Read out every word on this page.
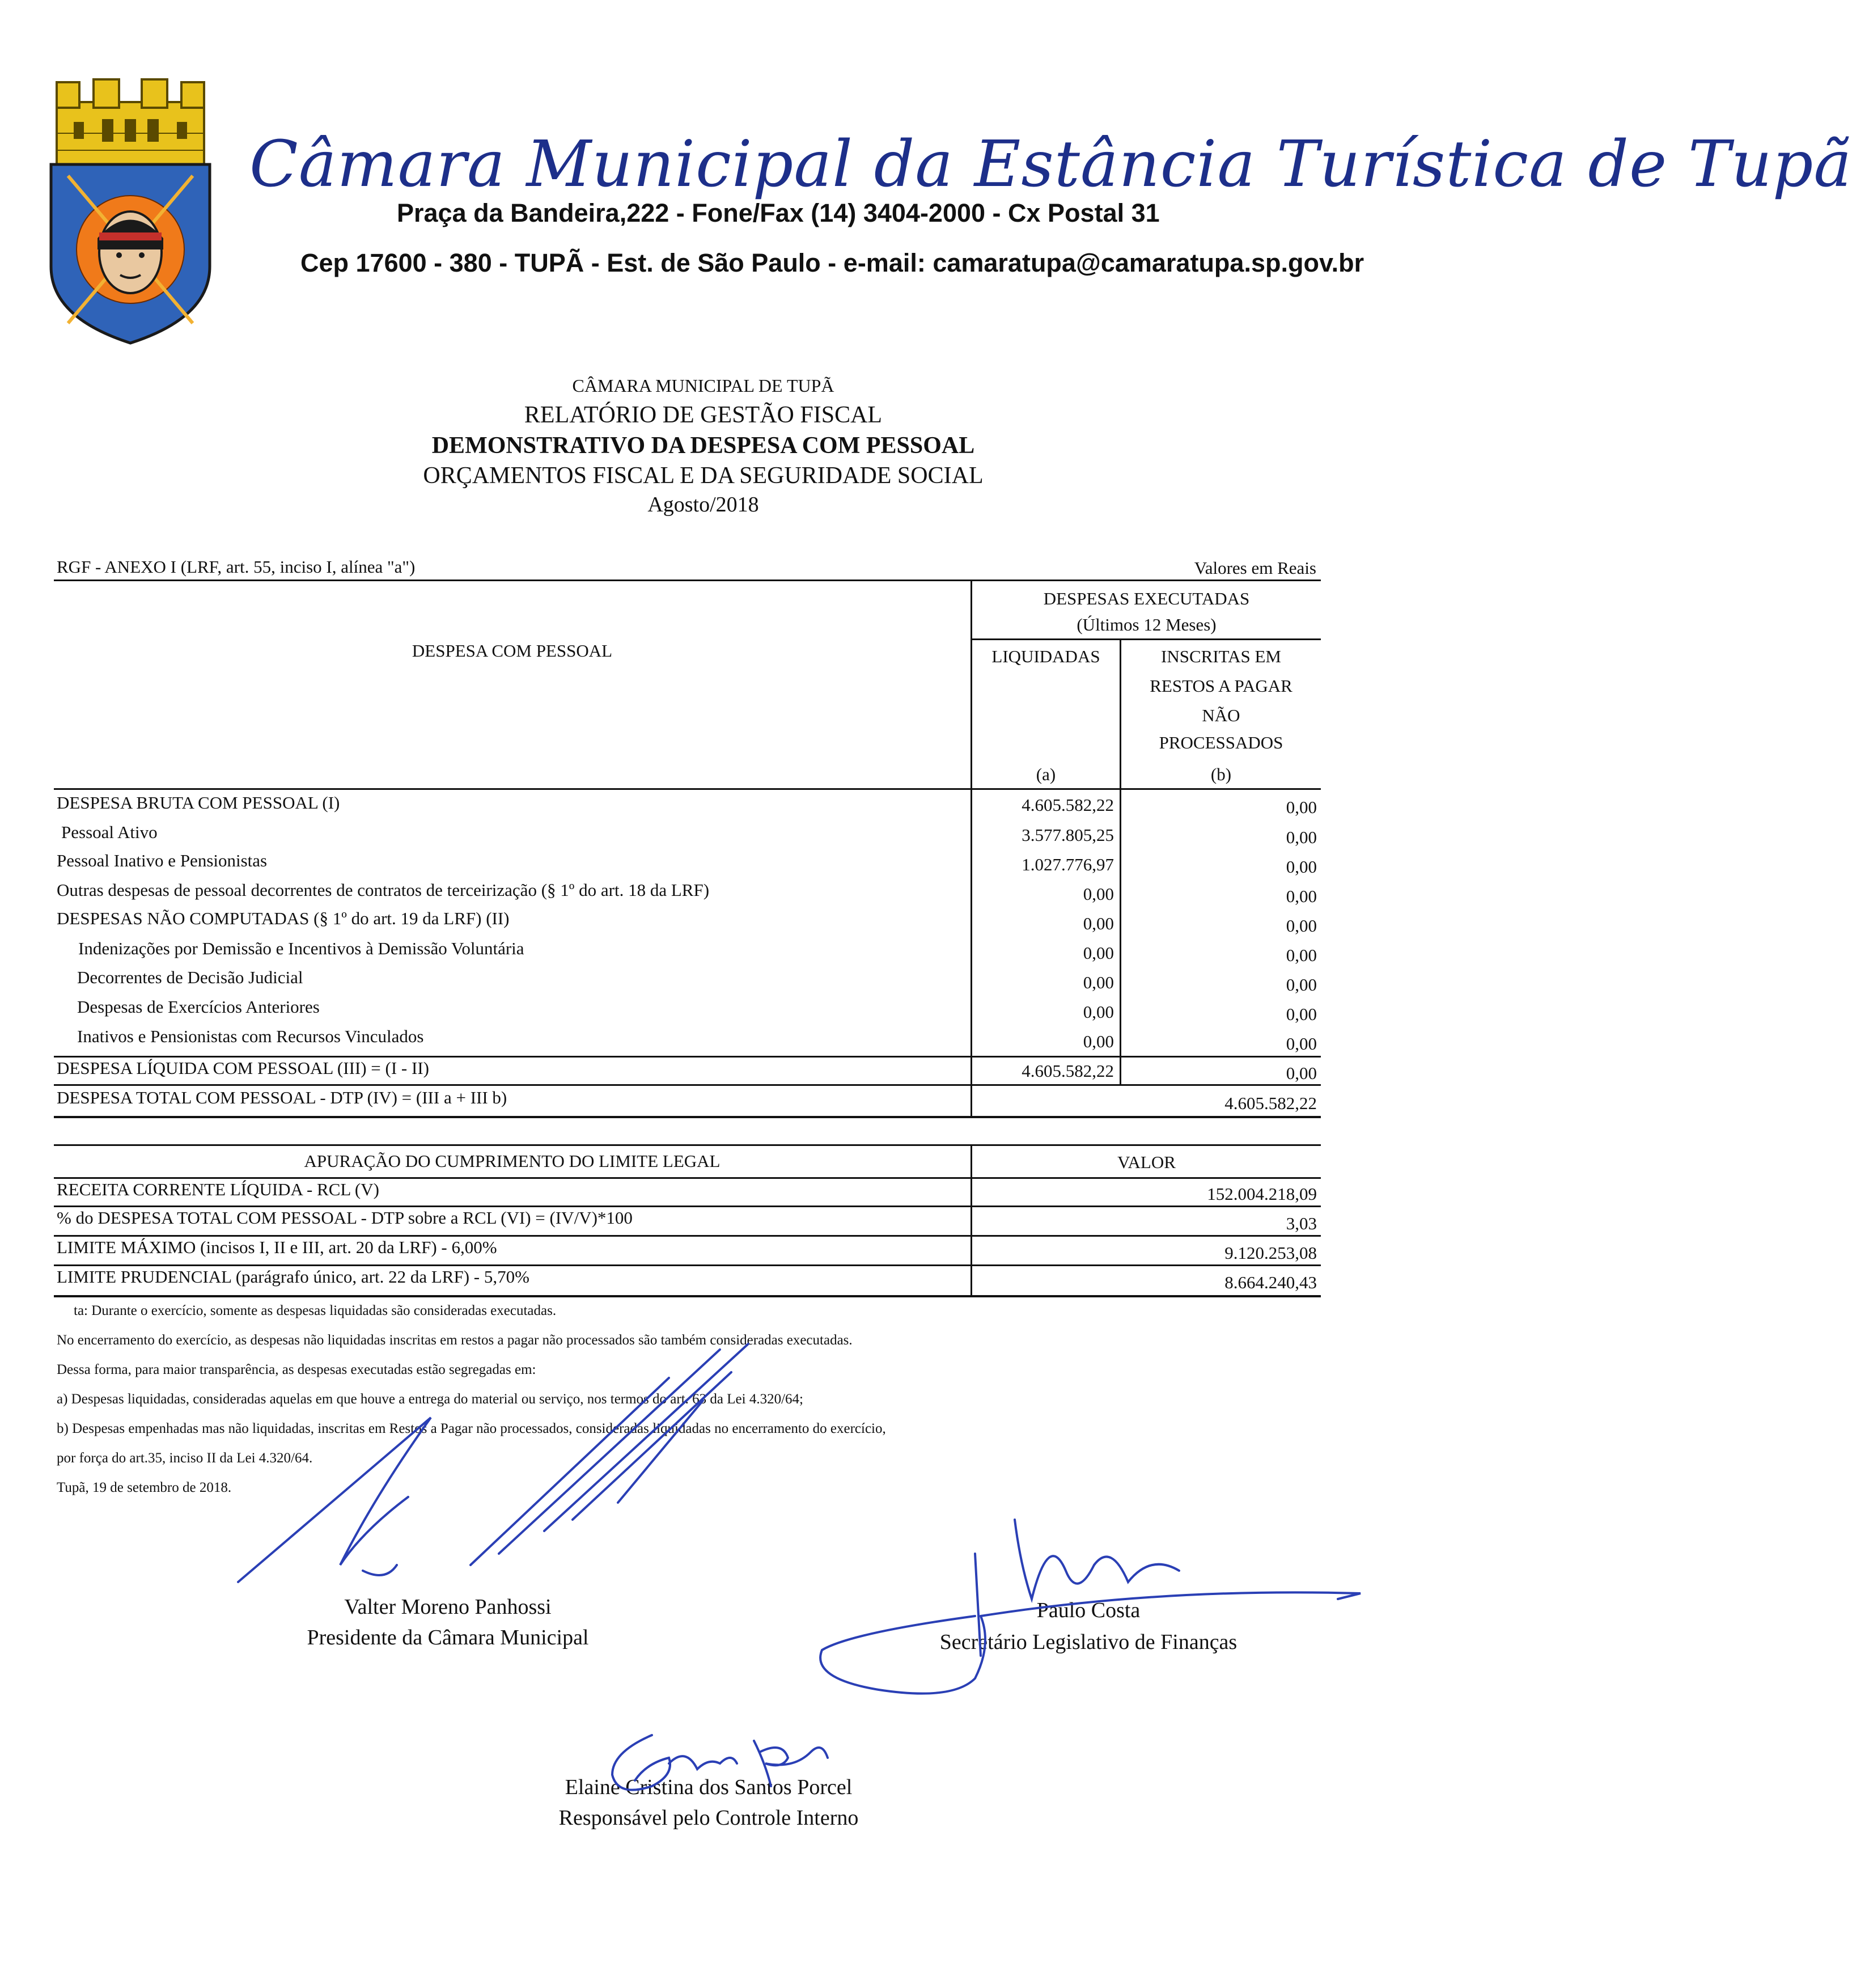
Câmara Municipal da Estância Turística de Tupã
Praça da Bandeira,222 - Fone/Fax (14) 3404-2000 - Cx Postal 31
Cep 17600 - 380 - TUPÃ - Est. de São Paulo - e-mail: camaratupa@camaratupa.sp.gov.br
CÂMARA MUNICIPAL DE TUPÃ
RELATÓRIO DE GESTÃO FISCAL
DEMONSTRATIVO DA DESPESA COM PESSOAL
ORÇAMENTOS FISCAL E DA SEGURIDADE SOCIAL
Agosto/2018
RGF - ANEXO I (LRF, art. 55, inciso I, alínea "a")	Valores em Reais
DESPESA COM PESSOAL
DESPESAS EXECUTADAS
(Últimos 12 Meses)
LIQUIDADAS	INSCRITAS EM
RESTOS A PAGAR
NÃO
PROCESSADOS
(a)	(b)
DESPESA BRUTA COM PESSOAL (I)	4.605.582,22	0,00
Pessoal Ativo	3.577.805,25	0,00
Pessoal Inativo e Pensionistas	1.027.776,97	0,00
Outras despesas de pessoal decorrentes de contratos de terceirização (§ 1º do art. 18 da LRF)	0,00	0,00
DESPESAS NÃO COMPUTADAS (§ 1º do art. 19 da LRF) (II)	0,00	0,00
Indenizações por Demissão e Incentivos à Demissão Voluntária	0,00	0,00
Decorrentes de Decisão Judicial	0,00	0,00
Despesas de Exercícios Anteriores	0,00	0,00
Inativos e Pensionistas com Recursos Vinculados	0,00	0,00
DESPESA LÍQUIDA COM PESSOAL (III) = (I - II)	4.605.582,22	0,00
DESPESA TOTAL COM PESSOAL - DTP (IV) = (III a + III b)	4.605.582,22
APURAÇÃO DO CUMPRIMENTO DO LIMITE LEGAL	VALOR
RECEITA CORRENTE LÍQUIDA - RCL (V)	152.004.218,09
% do DESPESA TOTAL COM PESSOAL - DTP sobre a RCL (VI) = (IV/V)*100	3,03
LIMITE MÁXIMO (incisos I, II e III, art. 20 da LRF) - 6,00%	9.120.253,08
LIMITE PRUDENCIAL (parágrafo único, art. 22 da LRF) - 5,70%	8.664.240,43
ta: Durante o exercício, somente as despesas liquidadas são consideradas executadas.
No encerramento do exercício, as despesas não liquidadas inscritas em restos a pagar não processados são também consideradas executadas.
Dessa forma, para maior transparência, as despesas executadas estão segregadas em:
a) Despesas liquidadas, consideradas aquelas em que houve a entrega do material ou serviço, nos termos do art. 63 da Lei 4.320/64;
b) Despesas empenhadas mas não liquidadas, inscritas em Restos a Pagar não processados, consideradas liquidadas no encerramento do exercício,
por força do art.35, inciso II da Lei 4.320/64.
Tupã, 19 de setembro de 2018.
Valter Moreno Panhossi
Presidente da Câmara Municipal
Paulo Costa
Secretário Legislativo de Finanças
Elaine Cristina dos Santos Porcel
Responsável pelo Controle Interno
